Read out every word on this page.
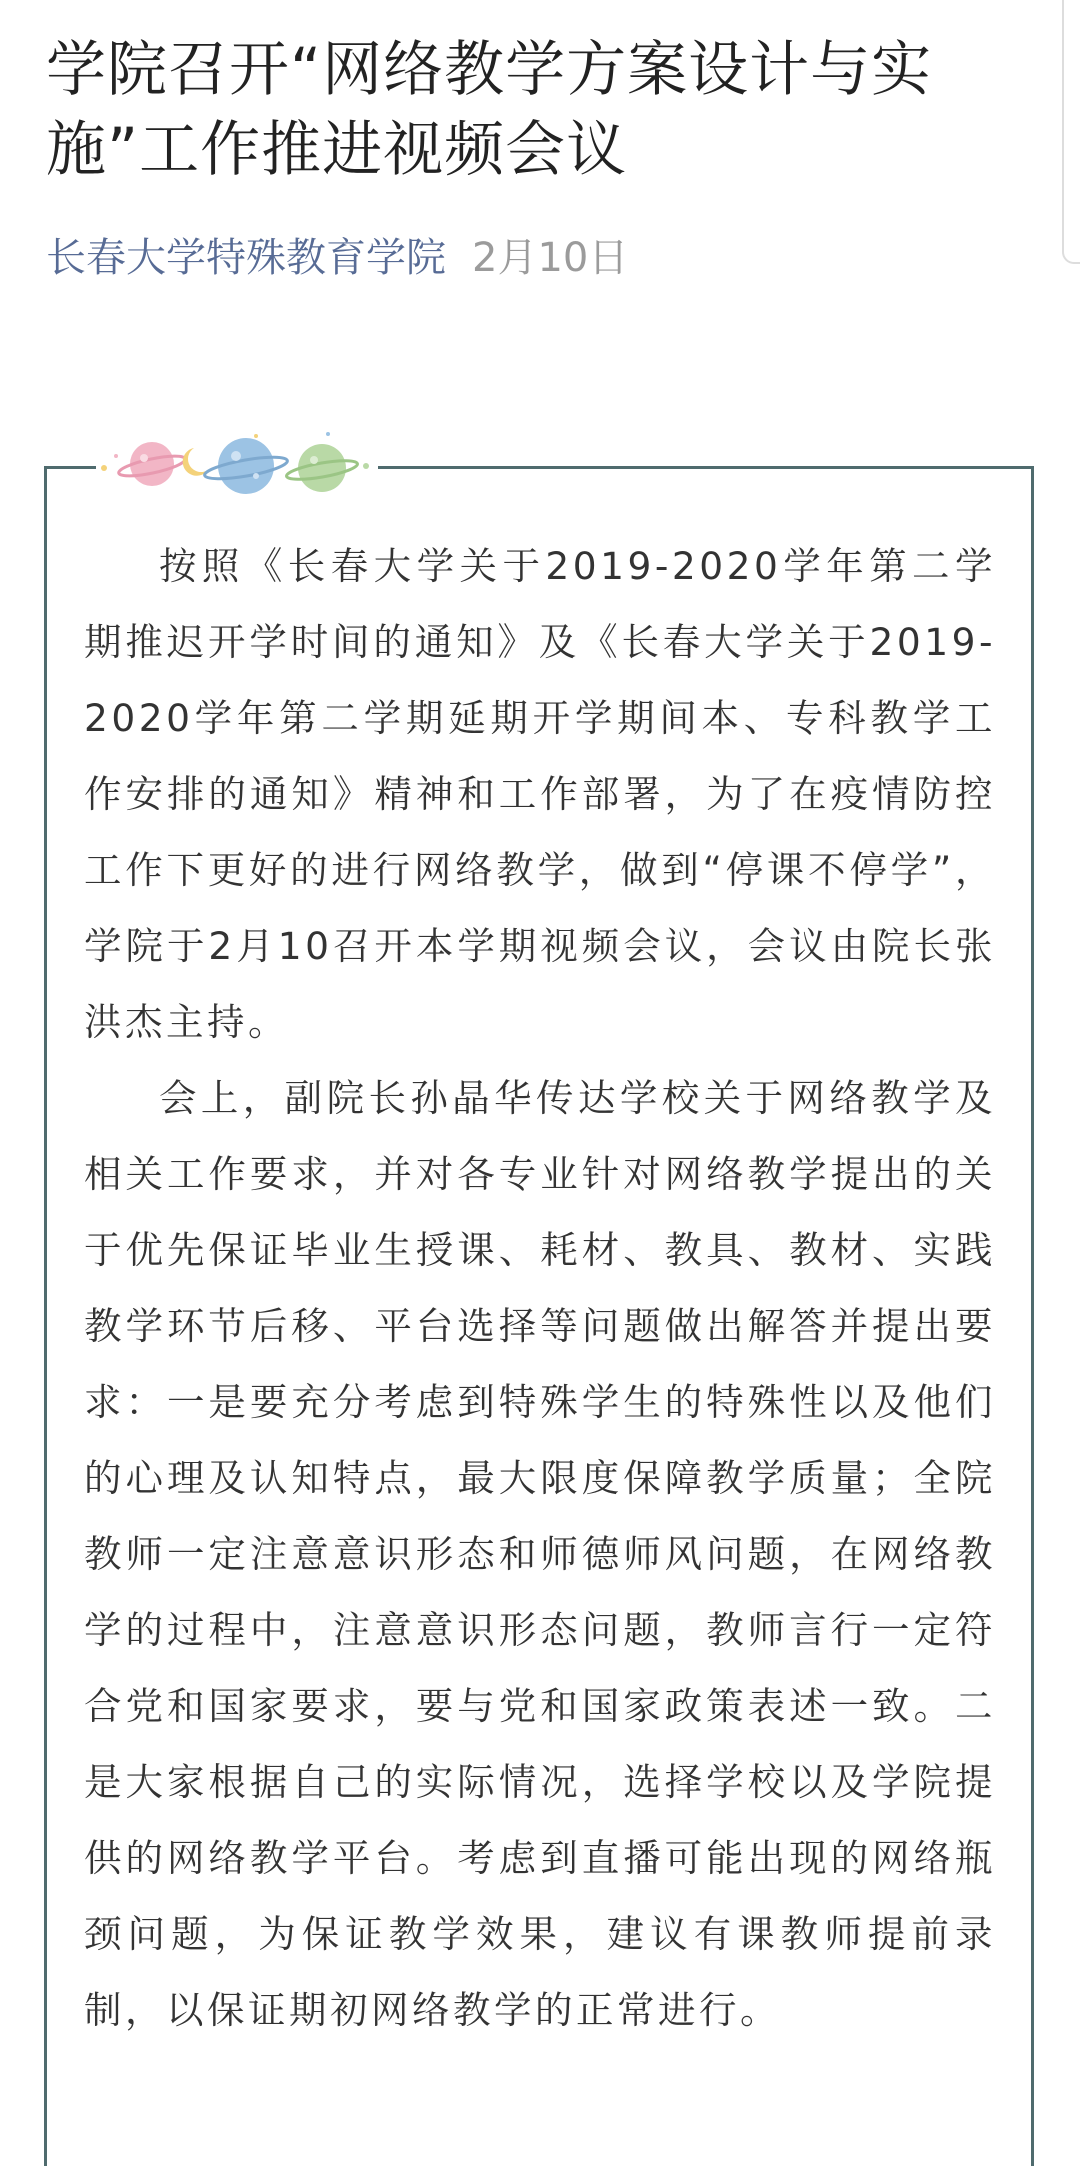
学院召开“网络教学方案设计与实施”工作推进视频会议
长春大学特殊教育学院 2月10日

按照《长春大学关于2019-2020学年第二学期推迟开学时间的通知》及《长春大学关于2019-2020学年第二学期延期开学期间本、专科教学工作安排的通知》精神和工作部署，为了在疫情防控工作下更好的进行网络教学，做到“停课不停学”，学院于2月10召开本学期视频会议，会议由院长张洪杰主持。

会上，副院长孙晶华传达学校关于网络教学及相关工作要求，并对各专业针对网络教学提出的关于优先保证毕业生授课、耗材、教具、教材、实践教学环节后移、平台选择等问题做出解答并提出要求：一是要充分考虑到特殊学生的特殊性以及他们的心理及认知特点，最大限度保障教学质量；全院教师一定注意意识形态和师德师风问题，在网络教学的过程中，注意意识形态问题，教师言行一定符合党和国家要求，要与党和国家政策表述一致。二是大家根据自己的实际情况，选择学校以及学院提供的网络教学平台。考虑到直播可能出现的网络瓶颈问题，为保证教学效果，建议有课教师提前录制，以保证期初网络教学的正常进行。
